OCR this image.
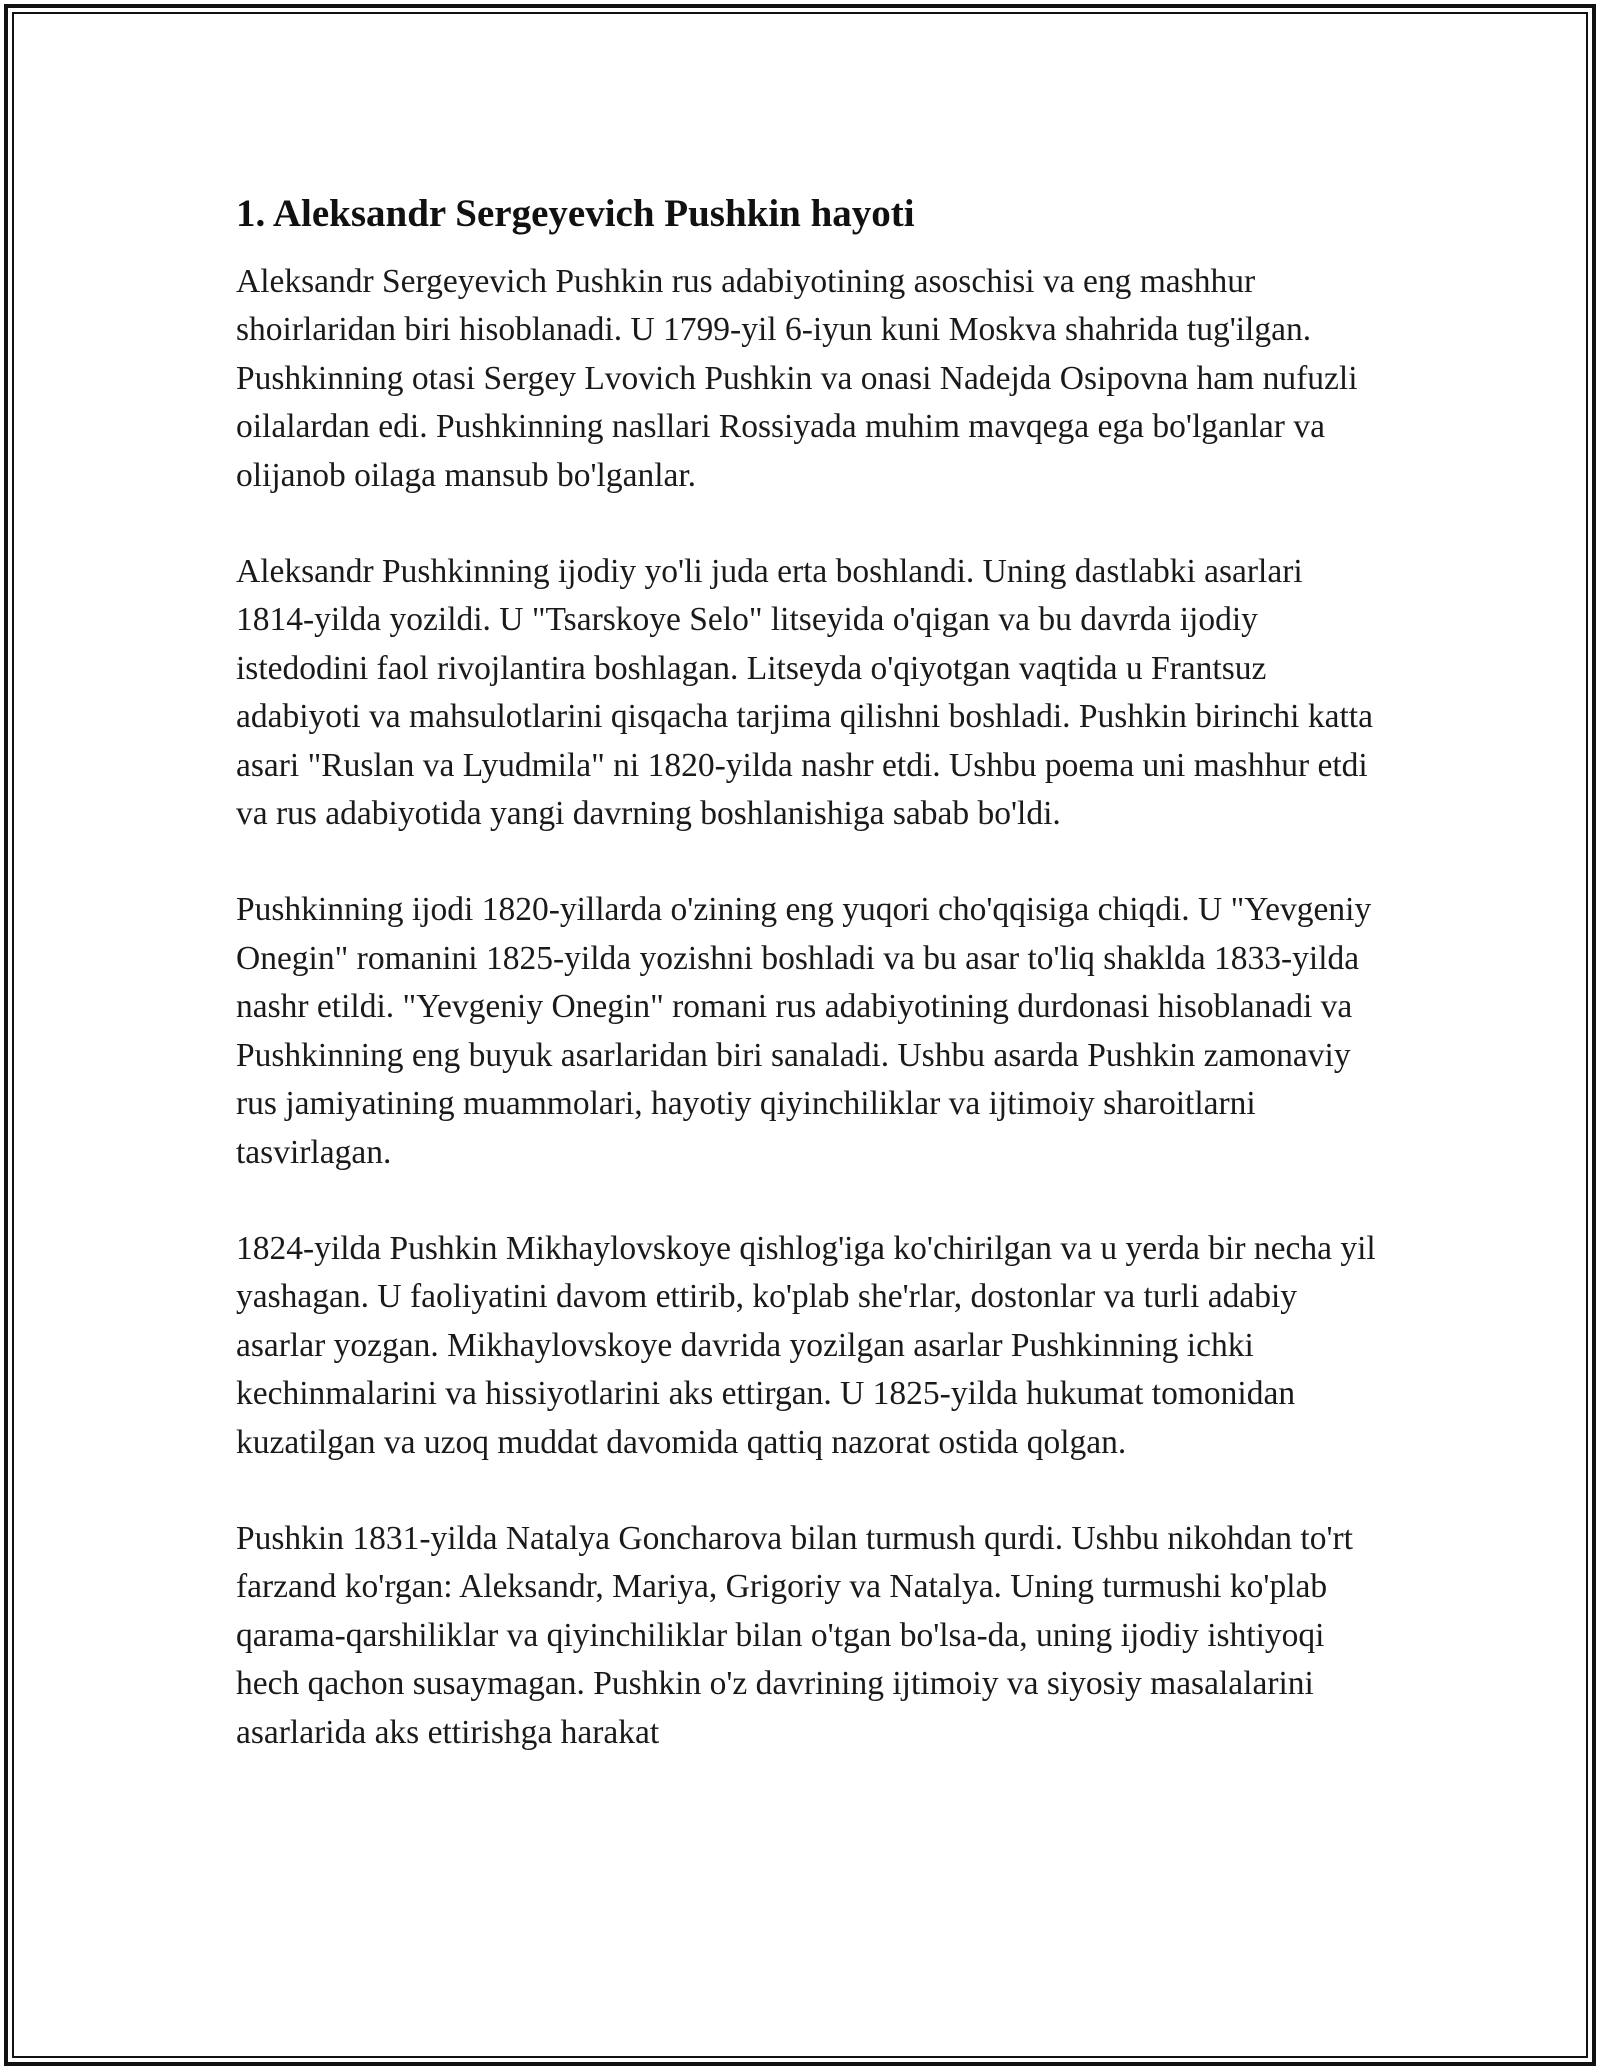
1. Aleksandr Sergeyevich Pushkin hayoti

Aleksandr Sergeyevich Pushkin rus adabiyotining asoschisi va eng mashhur shoirlaridan biri hisoblanadi. U 1799-yil 6-iyun kuni Moskva shahrida tug'ilgan. Pushkinning otasi Sergey Lvovich Pushkin va onasi Nadejda Osipovna ham nufuzli oilalardan edi. Pushkinning nasllari Rossiyada muhim mavqega ega bo'lganlar va olijanob oilaga mansub bo'lganlar.

Aleksandr Pushkinning ijodiy yo'li juda erta boshlandi. Uning dastlabki asarlari 1814-yilda yozildi. U "Tsarskoye Selo" litseyida o'qigan va bu davrda ijodiy istedodini faol rivojlantira boshlagan. Litseyda o'qiyotgan vaqtida u Frantsuz adabiyoti va mahsulotlarini qisqacha tarjima qilishni boshladi. Pushkin birinchi katta asari "Ruslan va Lyudmila" ni 1820-yilda nashr etdi. Ushbu poema uni mashhur etdi va rus adabiyotida yangi davrning boshlanishiga sabab bo'ldi.

Pushkinning ijodi 1820-yillarda o'zining eng yuqori cho'qqisiga chiqdi. U "Yevgeniy Onegin" romanini 1825-yilda yozishni boshladi va bu asar to'liq shaklda 1833-yilda nashr etildi. "Yevgeniy Onegin" romani rus adabiyotining durdonasi hisoblanadi va Pushkinning eng buyuk asarlaridan biri sanaladi. Ushbu asarda Pushkin zamonaviy rus jamiyatining muammolari, hayotiy qiyinchiliklar va ijtimoiy sharoitlarni tasvirlagan.

1824-yilda Pushkin Mikhaylovskoye qishlog'iga ko'chirilgan va u yerda bir necha yil yashagan. U faoliyatini davom ettirib, ko'plab she'rlar, dostonlar va turli adabiy asarlar yozgan. Mikhaylovskoye davrida yozilgan asarlar Pushkinning ichki kechinmalarini va hissiyotlarini aks ettirgan. U 1825-yilda hukumat tomonidan kuzatilgan va uzoq muddat davomida qattiq nazorat ostida qolgan.

Pushkin 1831-yilda Natalya Goncharova bilan turmush qurdi. Ushbu nikohdan to'rt farzand ko'rgan: Aleksandr, Mariya, Grigoriy va Natalya. Uning turmushi ko'plab qarama-qarshiliklar va qiyinchiliklar bilan o'tgan bo'lsa-da, uning ijodiy ishtiyoqi hech qachon susaymagan. Pushkin o'z davrining ijtimoiy va siyosiy masalalarini asarlarida aks ettirishga harakat
